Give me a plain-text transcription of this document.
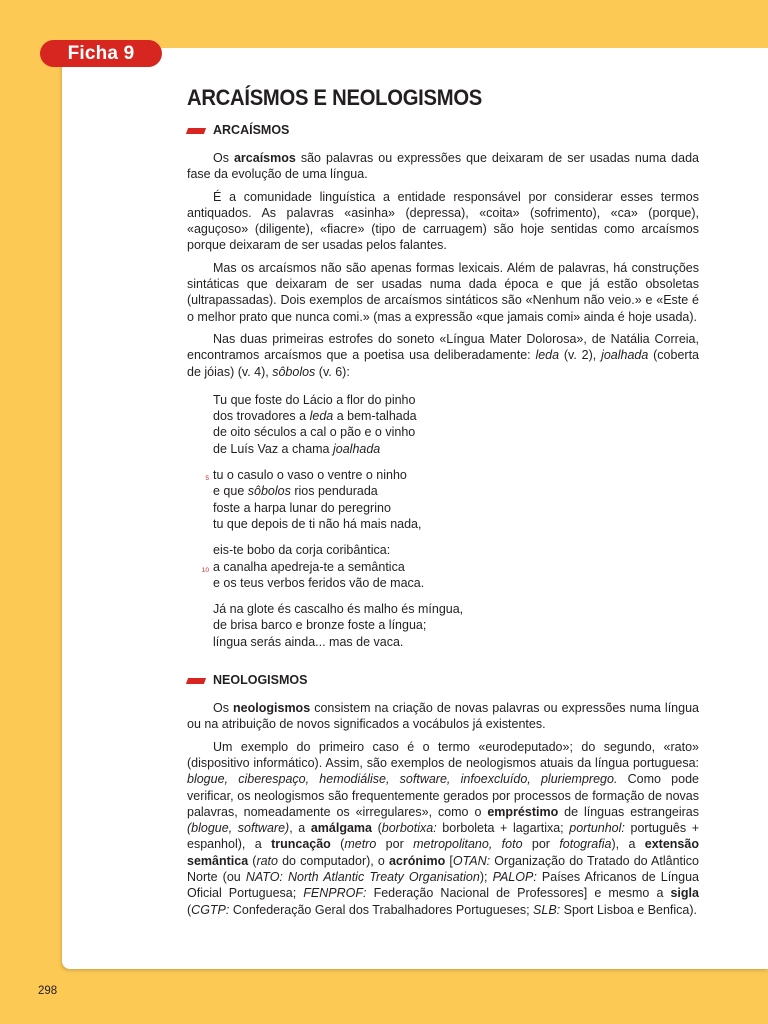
Ficha 9
ARCAÍSMOS E NEOLOGISMOS
ARCAÍSMOS

Os arcaísmos são palavras ou expressões que deixaram de ser usadas numa dada fase da evolução de uma língua.

É a comunidade linguística a entidade responsável por considerar esses termos antiquados. As palavras «asinha» (depressa), «coita» (sofrimento), «ca» (porque), «aguçoso» (diligente), «fiacre» (tipo de carruagem) são hoje sentidas como arcaísmos porque deixaram de ser usadas pelos falantes.

Mas os arcaísmos não são apenas formas lexicais. Além de palavras, há construções sintáticas que deixaram de ser usadas numa dada época e que já estão obsoletas (ultrapassadas). Dois exemplos de arcaísmos sintáticos são «Nenhum não veio.» e «Este é o melhor prato que nunca comi.» (mas a expressão «que jamais comi» ainda é hoje usada).

Nas duas primeiras estrofes do soneto «Língua Mater Dolorosa», de Natália Correia, encontramos arcaísmos que a poetisa usa deliberadamente: leda (v. 2), joalhada (coberta de jóias) (v. 4), sôbolos (v. 6):

Tu que foste do Lácio a flor do pinho
dos trovadores a leda a bem-talhada
de oito séculos a cal o pão e o vinho
de Luís Vaz a chama joalhada
5 tu o casulo o vaso o ventre o ninho
e que sôbolos rios pendurada
foste a harpa lunar do peregrino
tu que depois de ti não há mais nada,
eis-te bobo da corja coribântica:
10 a canalha apedreja-te a semântica
e os teus verbos feridos vão de maca.
Já na glote és cascalho és malho és míngua,
de brisa barco e bronze foste a língua;
língua serás ainda... mas de vaca.
NEOLOGISMOS

Os neologismos consistem na criação de novas palavras ou expressões numa língua ou na atribuição de novos significados a vocábulos já existentes.

Um exemplo do primeiro caso é o termo «eurodeputado»; do segundo, «rato» (dispositivo informático). Assim, são exemplos de neologismos atuais da língua portuguesa: blogue, ciberespaço, hemodiálise, software, infoexcluído, pluriemprego. Como pode verificar, os neologismos são frequentemente gerados por processos de formação de novas palavras, nomeadamente os «irregulares», como o empréstimo de línguas estrangeiras (blogue, software), a amálgama (borbotixa: borboleta + lagartixa; portunhol: português + espanhol), a truncação (metro por metropolitano, foto por fotografia), a extensão semântica (rato do computador), o acrónimo [OTAN: Organização do Tratado do Atlântico Norte (ou NATO: North Atlantic Treaty Organisation); PALOP: Países Africanos de Língua Oficial Portuguesa; FENPROF: Federação Nacional de Professores] e mesmo a sigla (CGTP: Confederação Geral dos Trabalhadores Portugueses; SLB: Sport Lisboa e Benfica).

298
